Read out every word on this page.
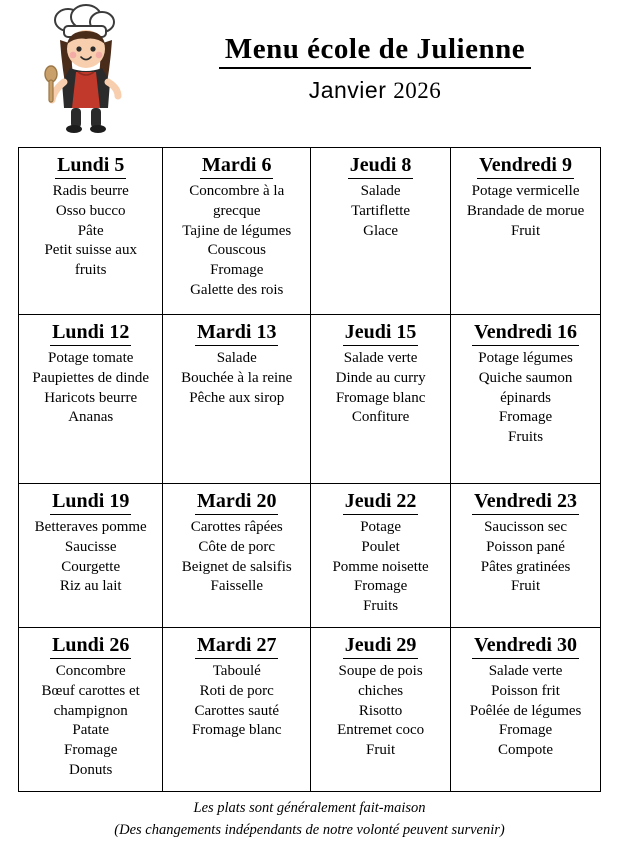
Menu école de Julienne
Janvier 2026
Lundi 5
Radis beurre
Osso bucco
Pâte
Petit suisse aux
fruits
	Mardi 6
Concombre à la
grecque
Tajine de légumes
Couscous
Fromage
Galette des rois
	Jeudi 8
Salade
Tartiflette
Glace
	Vendredi 9
Potage vermicelle
Brandade de morue
Fruit

Lundi 12
Potage tomate
Paupiettes de dinde
Haricots beurre
Ananas
	Mardi 13
Salade
Bouchée à la reine
Pêche aux sirop
	Jeudi 15
Salade verte
Dinde au curry
Fromage blanc
Confiture
	Vendredi 16
Potage légumes
Quiche saumon
épinards
Fromage
Fruits

Lundi 19
Betteraves pomme
Saucisse
Courgette
Riz au lait
	Mardi 20
Carottes râpées
Côte de porc
Beignet de salsifis
Faisselle
	Jeudi 22
Potage
Poulet
Pomme noisette
Fromage
Fruits
	Vendredi 23
Saucisson sec
Poisson pané
Pâtes gratinées
Fruit

Lundi 26
Concombre
Bœuf carottes et
champignon
Patate
Fromage
Donuts
	Mardi 27
Taboulé
Roti de porc
Carottes sauté
Fromage blanc
	Jeudi 29
Soupe de pois
chiches
Risotto
Entremet coco
Fruit
	Vendredi 30
Salade verte
Poisson frit
Poêlée de légumes
Fromage
Compote
Les plats sont généralement fait-maison
(Des changements indépendants de notre volonté peuvent survenir)
